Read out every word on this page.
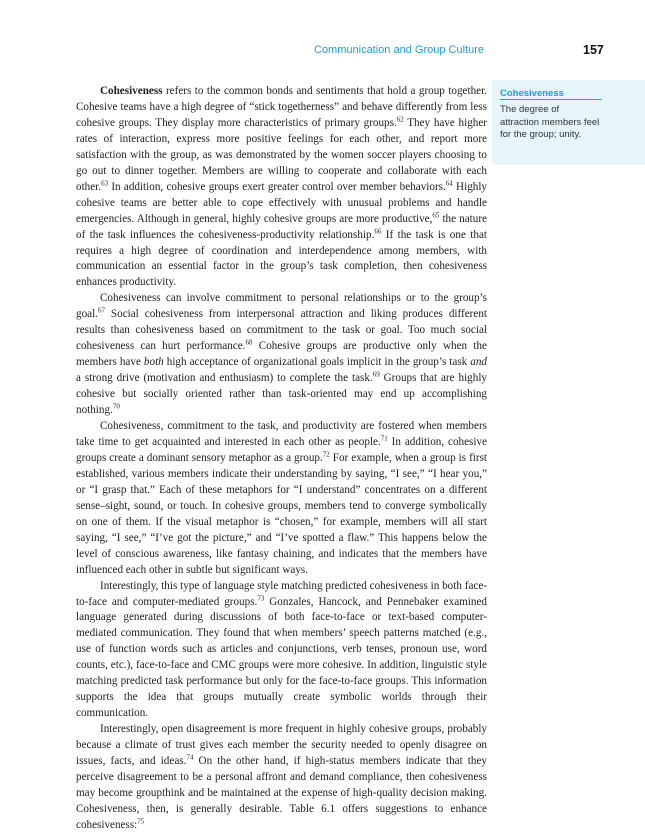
Communication and Group Culture	157
Cohesiveness
The degree of attraction members feel for the group; unity.

Cohesiveness refers to the common bonds and sentiments that hold a group together. Cohesive teams have a high degree of “stick togetherness” and behave differently from less cohesive groups. They display more characteristics of primary groups.$^{62}$ They have higher rates of interaction, express more positive feelings for each other, and report more satisfaction with the group, as was demonstrated by the women soccer players choosing to go out to dinner together. Members are willing to cooperate and collaborate with each other.$^{63}$ In addition, cohesive groups exert greater control over member behaviors.$^{64}$ Highly cohesive teams are better able to cope effectively with unusual problems and handle emergencies. Although in general, highly cohesive groups are more productive,$^{65}$ the nature of the task influences the cohesiveness-productivity relationship.$^{66}$ If the task is one that requires a high degree of coordination and interdependence among members, with communication an essential factor in the group’s task completion, then cohesiveness enhances productivity.

Cohesiveness can involve commitment to personal relationships or to the group’s goal.$^{67}$ Social cohesiveness from interpersonal attraction and liking produces different results than cohesiveness based on commitment to the task or goal. Too much social cohesiveness can hurt performance.$^{68}$ Cohesive groups are productive only when the members have both high acceptance of organizational goals implicit in the group’s task and a strong drive (motivation and enthusiasm) to complete the task.$^{69}$ Groups that are highly cohesive but socially oriented rather than task-oriented may end up accomplishing nothing.$^{70}$

Cohesiveness, commitment to the task, and productivity are fostered when members take time to get acquainted and interested in each other as people.$^{71}$ In addition, cohesive groups create a dominant sensory metaphor as a group.$^{72}$ For example, when a group is first established, various members indicate their understanding by saying, “I see,” “I hear you,” or “I grasp that.” Each of these metaphors for “I understand” concentrates on a different sense–sight, sound, or touch. In cohesive groups, members tend to converge symbolically on one of them. If the visual metaphor is “chosen,” for example, members will all start saying, “I see,” “I’ve got the picture,” and “I’ve spotted a flaw.” This happens below the level of conscious awareness, like fantasy chaining, and indicates that the members have influenced each other in subtle but significant ways.

Interestingly, this type of language style matching predicted cohesiveness in both face-to-face and computer-mediated groups.$^{73}$ Gonzales, Hancock, and Pennebaker examined language generated during discussions of both face-to-face or text-based computer-mediated communication. They found that when members’ speech patterns matched (e.g., use of function words such as articles and conjunctions, verb tenses, pronoun use, word counts, etc.), face-to-face and CMC groups were more cohesive. In addition, linguistic style matching predicted task performance but only for the face-to-face groups. This information supports the idea that groups mutually create symbolic worlds through their communication.

Interestingly, open disagreement is more frequent in highly cohesive groups, probably because a climate of trust gives each member the security needed to openly disagree on issues, facts, and ideas.$^{74}$ On the other hand, if high-status members indicate that they perceive disagreement to be a personal affront and demand compliance, then cohesiveness may become groupthink and be maintained at the expense of high-quality decision making. Cohesiveness, then, is generally desirable. Table 6.1 offers suggestions to enhance cohesiveness:$^{75}$
